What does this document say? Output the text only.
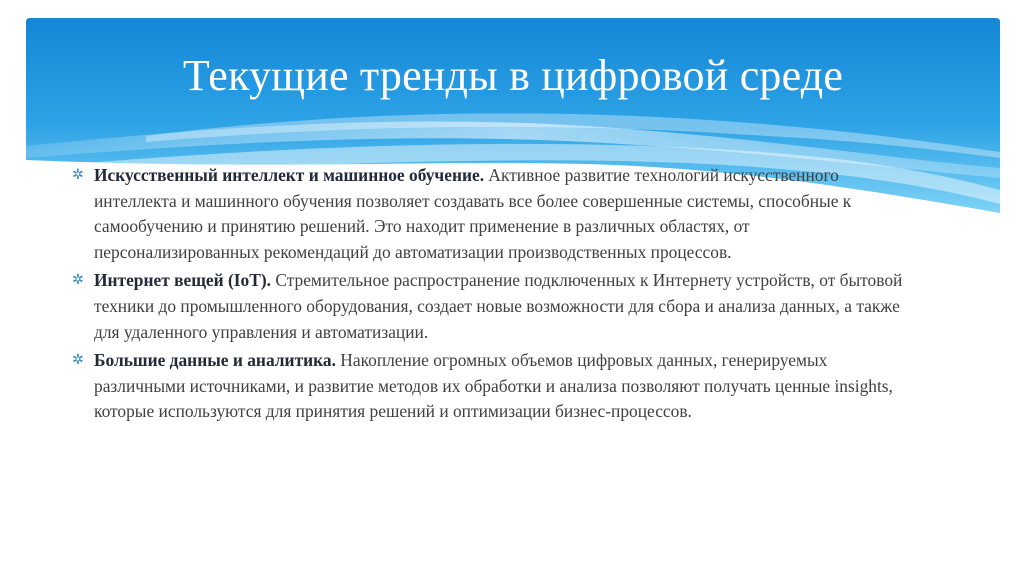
Текущие тренды в цифровой среде
✲ Искусственный интеллект и машинное обучение. Активное развитие технологий искусственного интеллекта и машинного обучения позволяет создавать все более совершенные системы, способные к самообучению и принятию решений. Это находит применение в различных областях, от персонализированных рекомендаций до автоматизации производственных процессов.
✲ Интернет вещей (IoT). Стремительное распространение подключенных к Интернету устройств, от бытовой техники до промышленного оборудования, создает новые возможности для сбора и анализа данных, а также для удаленного управления и автоматизации.
✲ Большие данные и аналитика. Накопление огромных объемов цифровых данных, генерируемых различными источниками, и развитие методов их обработки и анализа позволяют получать ценные insights, которые используются для принятия решений и оптимизации бизнес-процессов.
